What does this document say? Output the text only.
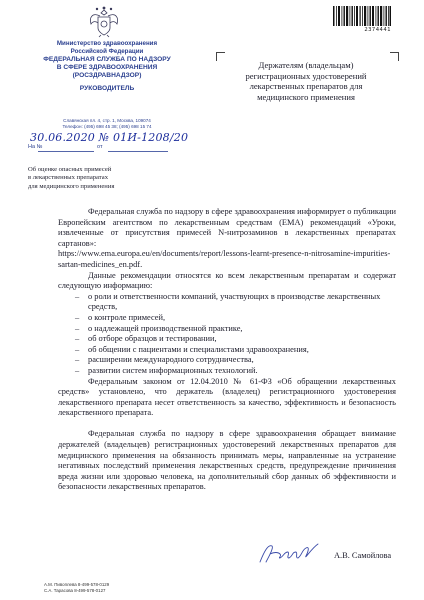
2374441
Министерство здравоохранения
Российской Федерации
ФЕДЕРАЛЬНАЯ СЛУЖБА ПО НАДЗОРУ
В СФЕРЕ ЗДРАВООХРАНЕНИЯ
(РОСЗДРАВНАДЗОР)
РУКОВОДИТЕЛЬ
Славянская пл. 4, стр. 1, Москва, 109074
Телефон: (495) 698 45 38; (495) 698 15 74
30.06.2020 № 01И-1208/20
На №	от
Об оценке опасных примесей
в лекарственных препаратах
для медицинского применения
Держателям (владельцам)
регистрационных удостоверений
лекарственных препаратов для
медицинского применения

Федеральная служба по надзору в сфере здравоохранения информирует о публикации Европейским агентством по лекарственным средствам (EMA) рекомендаций «Уроки, извлеченные от присутствия примесей N-нитрозаминов в лекарственных препаратах сартанов»:

https://www.ema.europa.eu/en/documents/report/lessons-learnt-presence-n-nitrosamine-impurities-sartan-medicines_en.pdf.

Данные рекомендации относятся ко всем лекарственным препаратам и содержат следующую информацию:

– о роли и ответственности компаний, участвующих в производстве лекарственных средств,
– о контроле примесей,
– о надлежащей производственной практике,
– об отборе образцов и тестировании,
– об общении с пациентами и специалистами здравоохранения,
– расширении международного сотрудничества,
– развитии систем информационных технологий.

Федеральным законом от 12.04.2010 № 61-ФЗ «Об обращении лекарственных средств» установлено, что держатель (владелец) регистрационного удостоверения лекарственного препарата несет ответственность за качество, эффективность и безопасность лекарственного препарата.

Федеральная служба по надзору в сфере здравоохранения обращает внимание держателей (владельцев) регистрационных удостоверений лекарственных препаратов для медицинского применения на обязанность принимать меры, направленные на устранение негативных последствий применения лекарственных средств, предупреждение причинения вреда жизни или здоровью человека, на дополнительный сбор данных об эффективности и безопасности лекарственных препаратов.

А.В. Самойлова
А.М. Пивоплева 8-499-578-0129
С.А. Тарасова 8-499-578-0127
